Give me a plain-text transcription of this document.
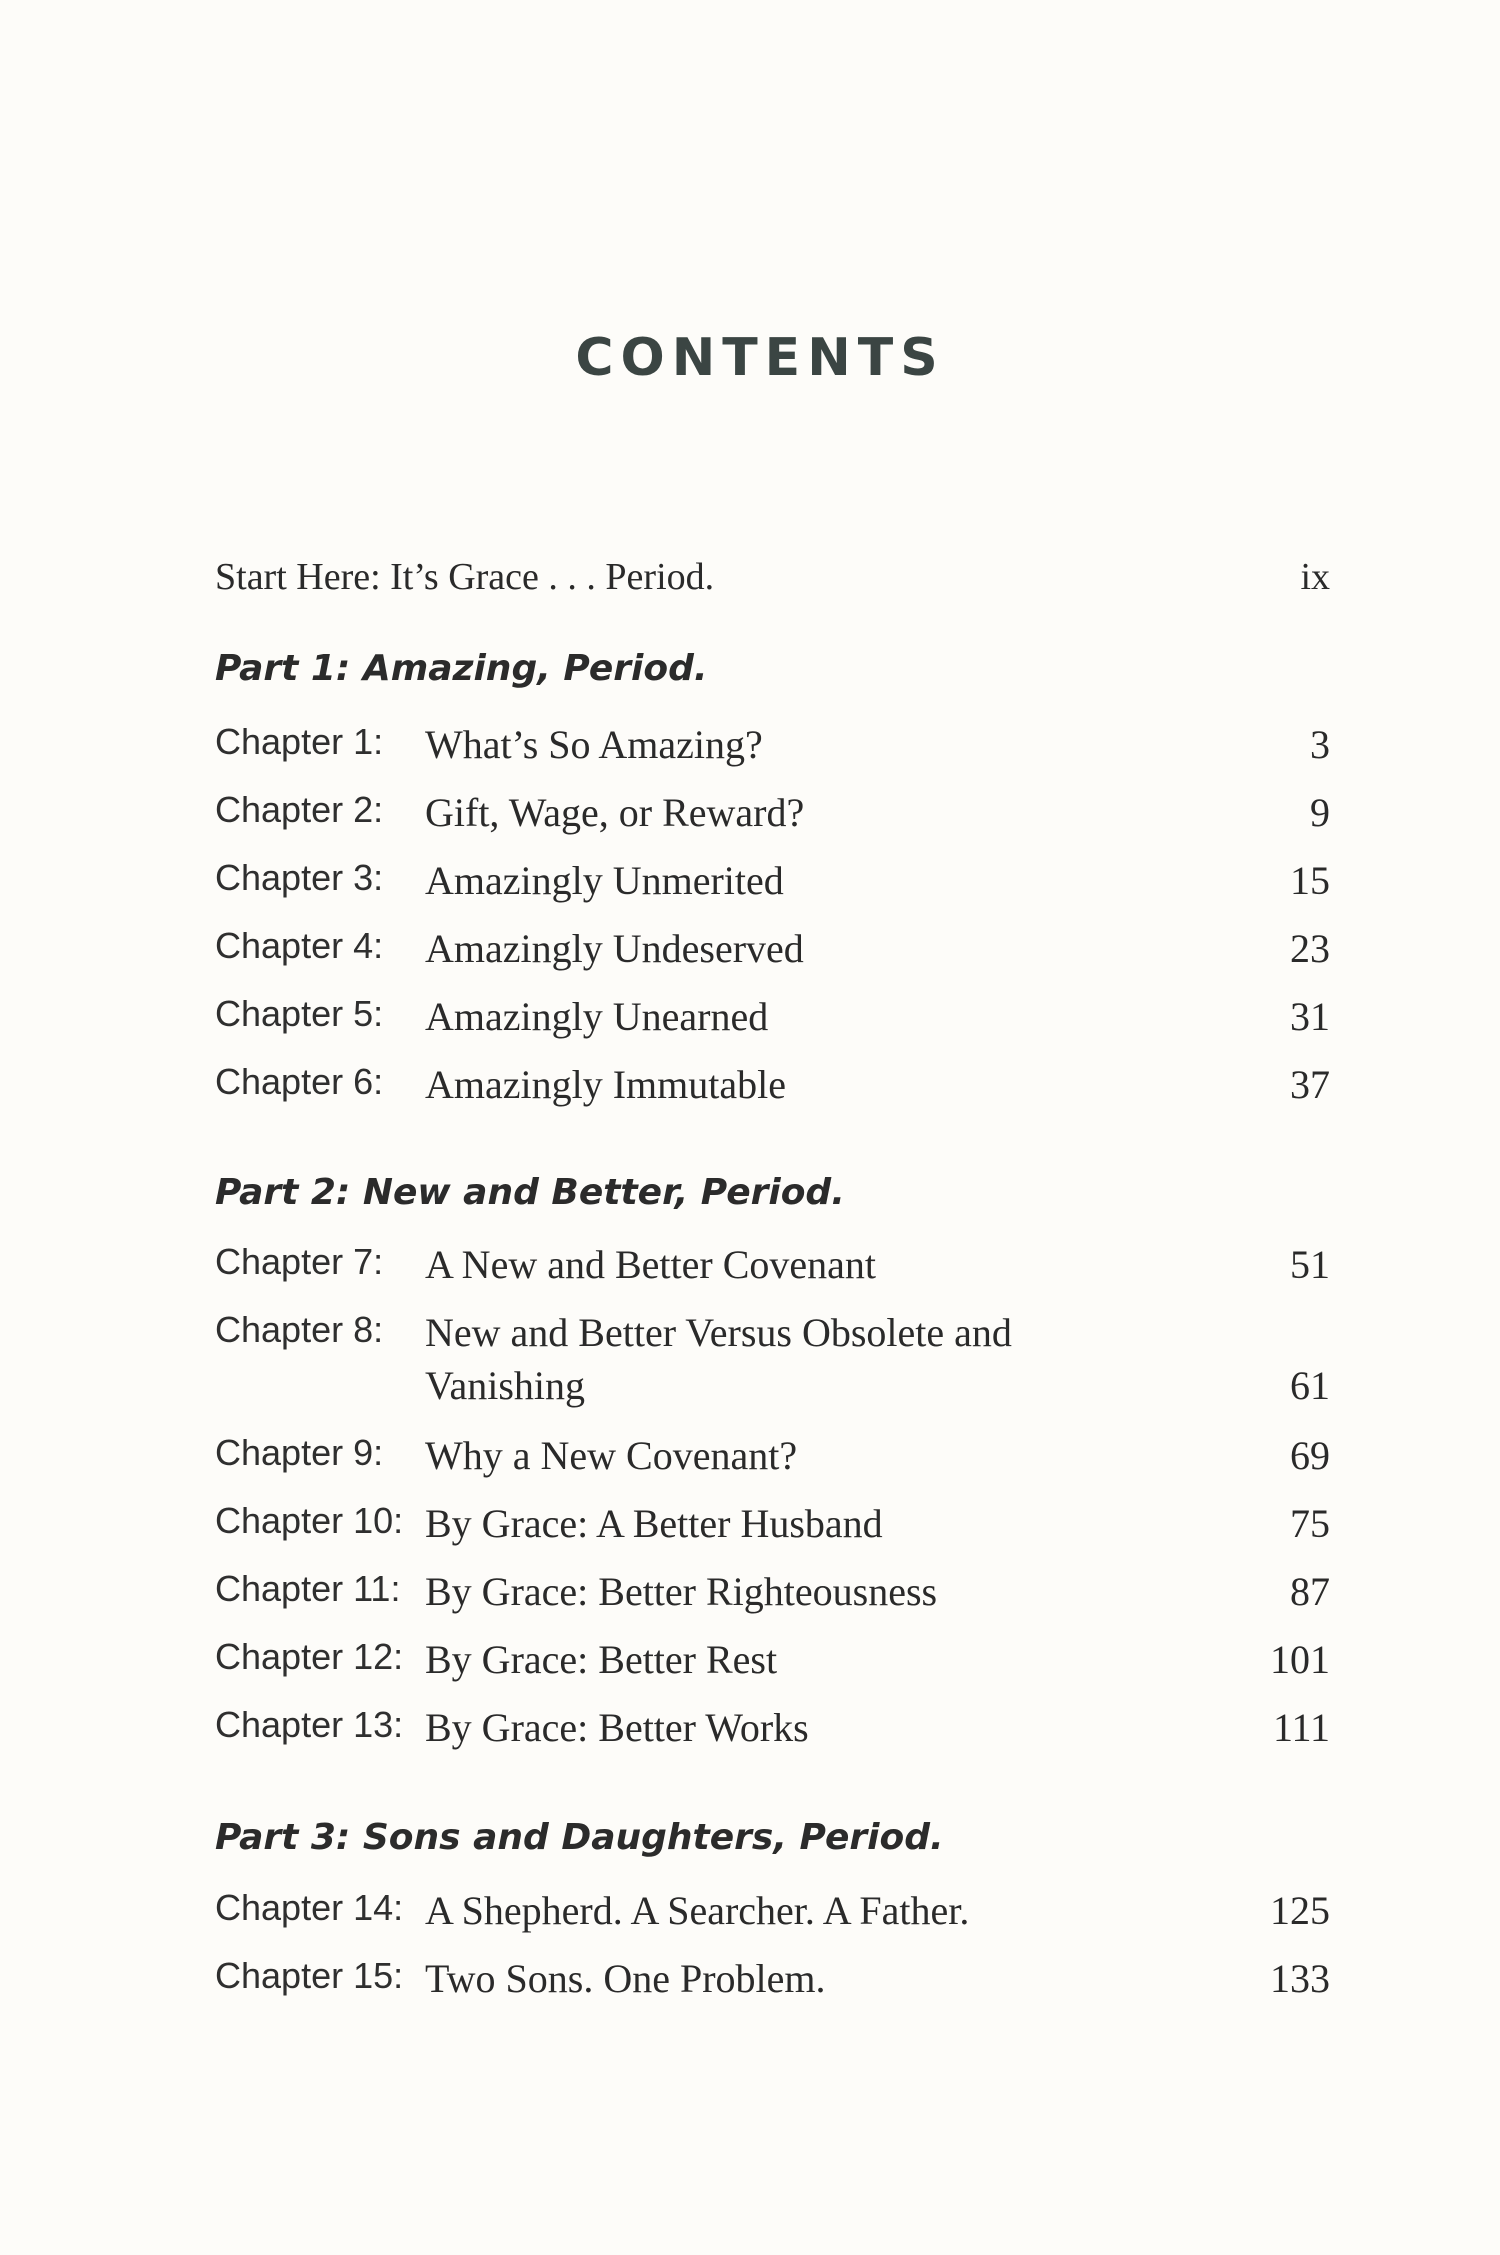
CONTENTS
Start Here: It’s Grace . . . Period.	ix
Part 1: Amazing, Period.
Chapter 1: What’s So Amazing?	3
Chapter 2: Gift, Wage, or Reward?	9
Chapter 3: Amazingly Unmerited	15
Chapter 4: Amazingly Undeserved	23
Chapter 5: Amazingly Unearned	31
Chapter 6: Amazingly Immutable	37
Part 2: New and Better, Period.
Chapter 7: A New and Better Covenant	51
Chapter 8: New and Better Versus Obsolete and
Vanishing	61
Chapter 9: Why a New Covenant?	69
Chapter 10: By Grace: A Better Husband	75
Chapter 11: By Grace: Better Righteousness	87
Chapter 12: By Grace: Better Rest	101
Chapter 13: By Grace: Better Works	111
Part 3: Sons and Daughters, Period.
Chapter 14: A Shepherd. A Searcher. A Father.	125
Chapter 15: Two Sons. One Problem.	133
